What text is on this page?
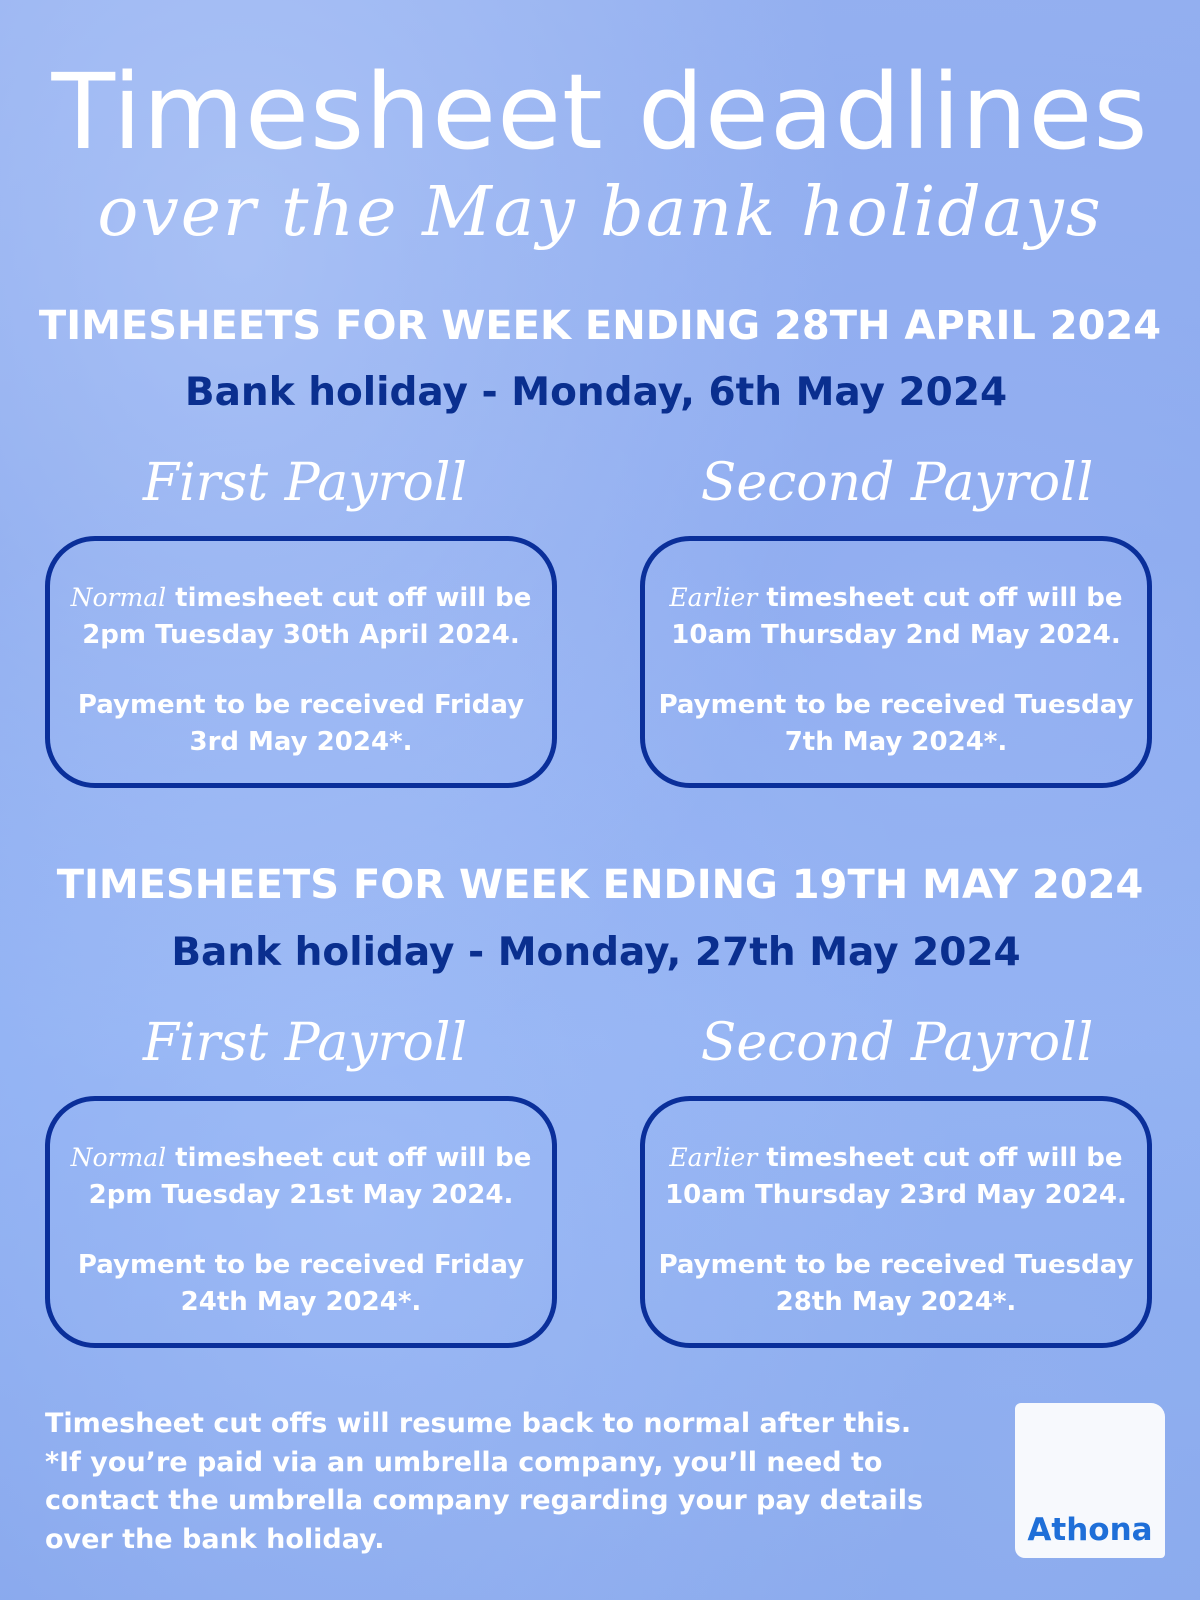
Timesheet deadlines
over the May bank holidays
TIMESHEETS FOR WEEK ENDING 28TH APRIL 2024
Bank holiday - Monday, 6th May 2024
First Payroll	Second Payroll

Normal timesheet cut off will be

2pm Tuesday 30th April 2024.

Payment to be received Friday

3rd May 2024*.

Earlier timesheet cut off will be

10am Thursday 2nd May 2024.

Payment to be received Tuesday

7th May 2024*.

TIMESHEETS FOR WEEK ENDING 19TH MAY 2024
Bank holiday - Monday, 27th May 2024
First Payroll	Second Payroll

Normal timesheet cut off will be

2pm Tuesday 21st May 2024.

Payment to be received Friday

24th May 2024*.

Earlier timesheet cut off will be

10am Thursday 23rd May 2024.

Payment to be received Tuesday

28th May 2024*.

Timesheet cut offs will resume back to normal after this.

*If you’re paid via an umbrella company, you’ll need to

contact the umbrella company regarding your pay details

over the bank holiday.	Athona
